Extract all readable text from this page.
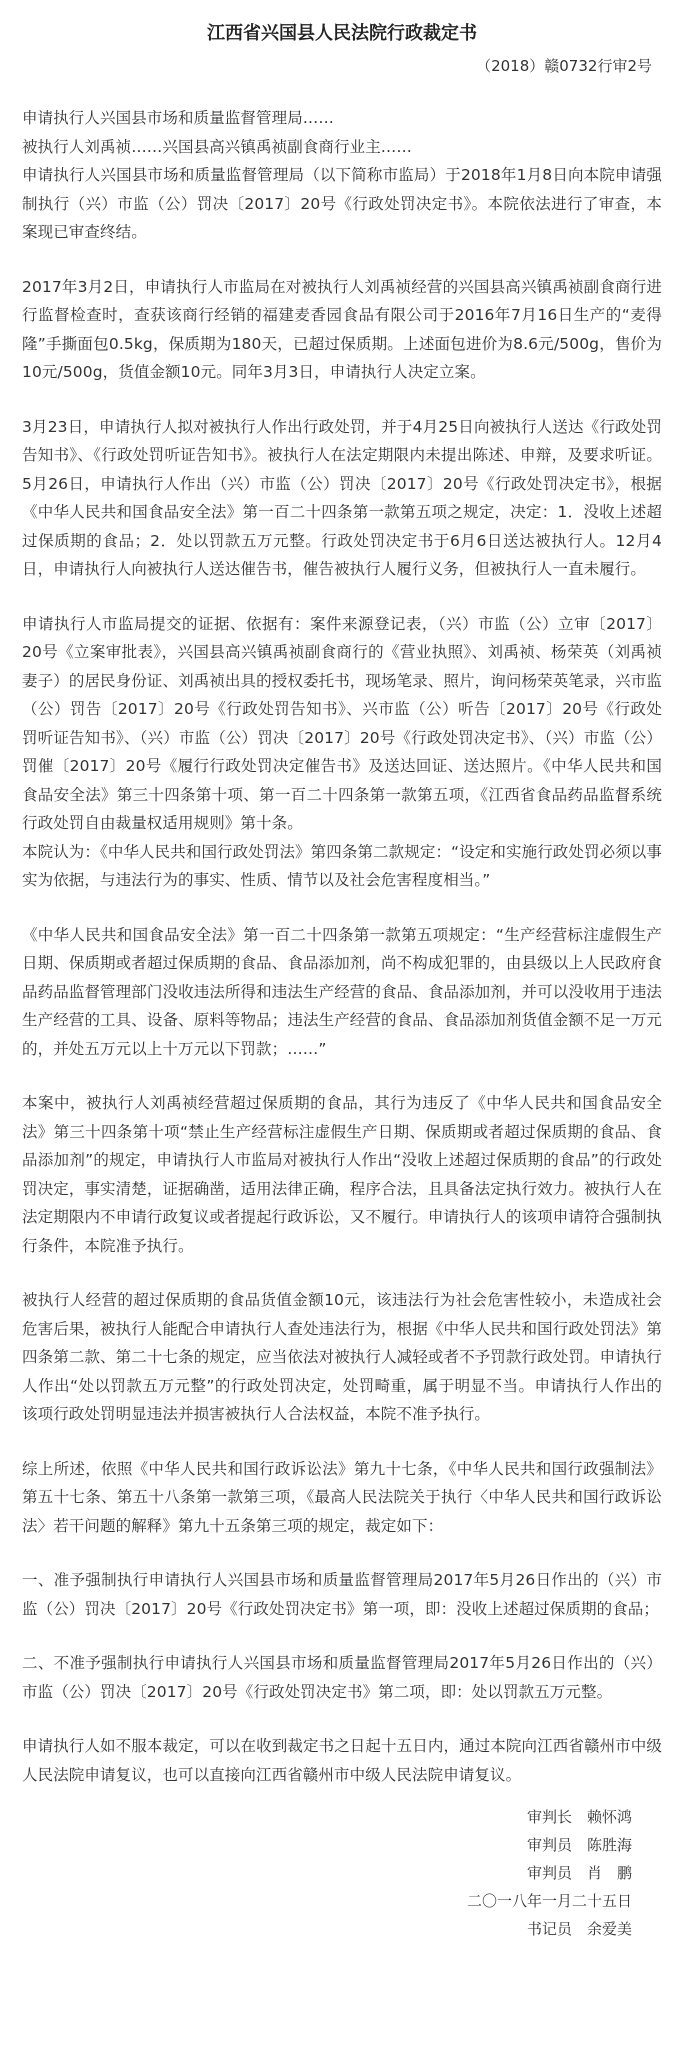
江西省兴国县人民法院行政裁定书
（2018）赣0732行审2号

申请执行人兴国县市场和质量监督管理局……

被执行人刘禹祯……兴国县高兴镇禹祯副食商行业主……

申请执行人兴国县市场和质量监督管理局（以下简称市监局）于2018年1月8日向本院申请强制执行（兴）市监（公）罚决〔2017〕20号《行政处罚决定书》。本院依法进行了审查，本案现已审查终结。

2017年3月2日，申请执行人市监局在对被执行人刘禹祯经营的兴国县高兴镇禹祯副食商行进行监督检查时，查获该商行经销的福建麦香园食品有限公司于2016年7月16日生产的“麦得隆”手撕面包0.5kg，保质期为180天，已超过保质期。上述面包进价为8.6元/500g，售价为10元/500g，货值金额10元。同年3月3日，申请执行人决定立案。

3月23日，申请执行人拟对被执行人作出行政处罚，并于4月25日向被执行人送达《行政处罚告知书》、《行政处罚听证告知书》。被执行人在法定期限内未提出陈述、申辩，及要求听证。5月26日，申请执行人作出（兴）市监（公）罚决〔2017〕20号《行政处罚决定书》，根据《中华人民共和国食品安全法》第一百二十四条第一款第五项之规定，决定：1．没收上述超过保质期的食品；2．处以罚款五万元整。行政处罚决定书于6月6日送达被执行人。12月4日，申请执行人向被执行人送达催告书，催告被执行人履行义务，但被执行人一直未履行。

申请执行人市监局提交的证据、依据有：案件来源登记表，（兴）市监（公）立审〔2017〕20号《立案审批表》，兴国县高兴镇禹祯副食商行的《营业执照》、刘禹祯、杨荣英（刘禹祯妻子）的居民身份证、刘禹祯出具的授权委托书，现场笔录、照片，询问杨荣英笔录，兴市监（公）罚告〔2017〕20号《行政处罚告知书》、兴市监（公）听告〔2017〕20号《行政处罚听证告知书》、（兴）市监（公）罚决〔2017〕20号《行政处罚决定书》、（兴）市监（公）罚催〔2017〕20号《履行行政处罚决定催告书》及送达回证、送达照片。《中华人民共和国食品安全法》第三十四条第十项、第一百二十四条第一款第五项，《江西省食品药品监督系统行政处罚自由裁量权适用规则》第十条。

本院认为：《中华人民共和国行政处罚法》第四条第二款规定：“设定和实施行政处罚必须以事实为依据，与违法行为的事实、性质、情节以及社会危害程度相当。”

《中华人民共和国食品安全法》第一百二十四条第一款第五项规定：“生产经营标注虚假生产日期、保质期或者超过保质期的食品、食品添加剂，尚不构成犯罪的，由县级以上人民政府食品药品监督管理部门没收违法所得和违法生产经营的食品、食品添加剂，并可以没收用于违法生产经营的工具、设备、原料等物品；违法生产经营的食品、食品添加剂货值金额不足一万元的，并处五万元以上十万元以下罚款；……”

本案中，被执行人刘禹祯经营超过保质期的食品，其行为违反了《中华人民共和国食品安全法》第三十四条第十项“禁止生产经营标注虚假生产日期、保质期或者超过保质期的食品、食品添加剂”的规定，申请执行人市监局对被执行人作出“没收上述超过保质期的食品”的行政处罚决定，事实清楚，证据确凿，适用法律正确，程序合法，且具备法定执行效力。被执行人在法定期限内不申请行政复议或者提起行政诉讼，又不履行。申请执行人的该项申请符合强制执行条件，本院准予执行。

被执行人经营的超过保质期的食品货值金额10元，该违法行为社会危害性较小，未造成社会危害后果，被执行人能配合申请执行人查处违法行为，根据《中华人民共和国行政处罚法》第四条第二款、第二十七条的规定，应当依法对被执行人减轻或者不予罚款行政处罚。申请执行人作出“处以罚款五万元整”的行政处罚决定，处罚畸重，属于明显不当。申请执行人作出的该项行政处罚明显违法并损害被执行人合法权益，本院不准予执行。

综上所述，依照《中华人民共和国行政诉讼法》第九十七条，《中华人民共和国行政强制法》第五十七条、第五十八条第一款第三项，《最高人民法院关于执行〈中华人民共和国行政诉讼法〉若干问题的解释》第九十五条第三项的规定，裁定如下：

一、准予强制执行申请执行人兴国县市场和质量监督管理局2017年5月26日作出的（兴）市监（公）罚决〔2017〕20号《行政处罚决定书》第一项，即：没收上述超过保质期的食品；

二、不准予强制执行申请执行人兴国县市场和质量监督管理局2017年5月26日作出的（兴）市监（公）罚决〔2017〕20号《行政处罚决定书》第二项，即：处以罚款五万元整。

申请执行人如不服本裁定，可以在收到裁定书之日起十五日内，通过本院向江西省赣州市中级人民法院申请复议，也可以直接向江西省赣州市中级人民法院申请复议。

审判长　赖怀鸿
审判员　陈胜海
审判员　肖　鹏
二〇一八年一月二十五日
书记员　余爱美
